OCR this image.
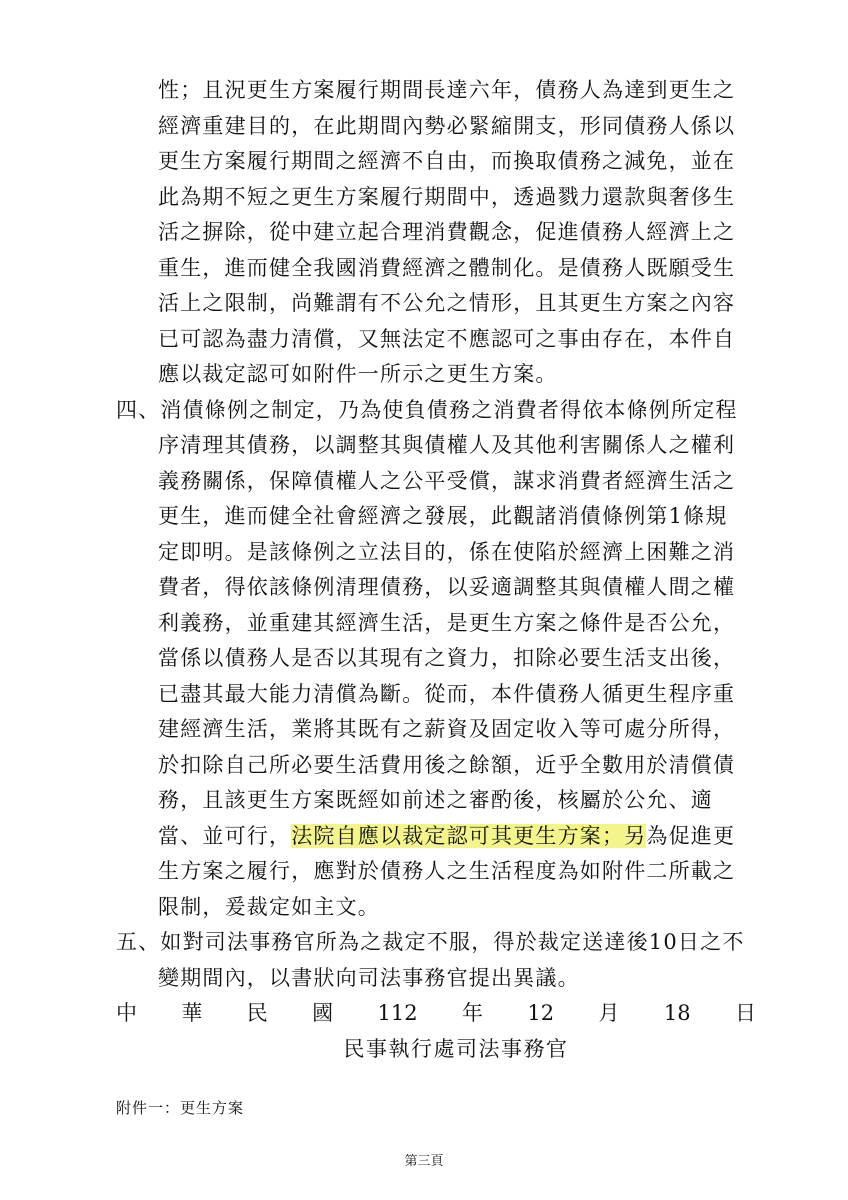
性；且況更生方案履行期間長達六年，債務人為達到更生之
經濟重建目的，在此期間內勢必緊縮開支，形同債務人係以
更生方案履行期間之經濟不自由，而換取債務之減免，並在
此為期不短之更生方案履行期間中，透過戮力還款與奢侈生
活之摒除，從中建立起合理消費觀念，促進債務人經濟上之
重生，進而健全我國消費經濟之體制化。是債務人既願受生
活上之限制，尚難謂有不公允之情形，且其更生方案之內容
已可認為盡力清償，又無法定不應認可之事由存在，本件自
應以裁定認可如附件一所示之更生方案。
四、消債條例之制定，乃為使負債務之消費者得依本條例所定程
序清理其債務，以調整其與債權人及其他利害關係人之權利
義務關係，保障債權人之公平受償，謀求消費者經濟生活之
更生，進而健全社會經濟之發展，此觀諸消債條例第1條規
定即明。是該條例之立法目的，係在使陷於經濟上困難之消
費者，得依該條例清理債務，以妥適調整其與債權人間之權
利義務，並重建其經濟生活，是更生方案之條件是否公允，
當係以債務人是否以其現有之資力，扣除必要生活支出後，
已盡其最大能力清償為斷。從而，本件債務人循更生程序重
建經濟生活，業將其既有之薪資及固定收入等可處分所得，
於扣除自己所必要生活費用後之餘額，近乎全數用於清償債
務，且該更生方案既經如前述之審酌後，核屬於公允、適
當、並可行，法院自應以裁定認可其更生方案；另為促進更
生方案之履行，應對於債務人之生活程度為如附件二所載之
限制，爰裁定如主文。
五、如對司法事務官所為之裁定不服，得於裁定送達後10日之不
變期間內，以書狀向司法事務官提出異議。
中 華 民 國 112 年 12 月 18 日
民事執行處司法事務官
附件一：更生方案
第三頁
